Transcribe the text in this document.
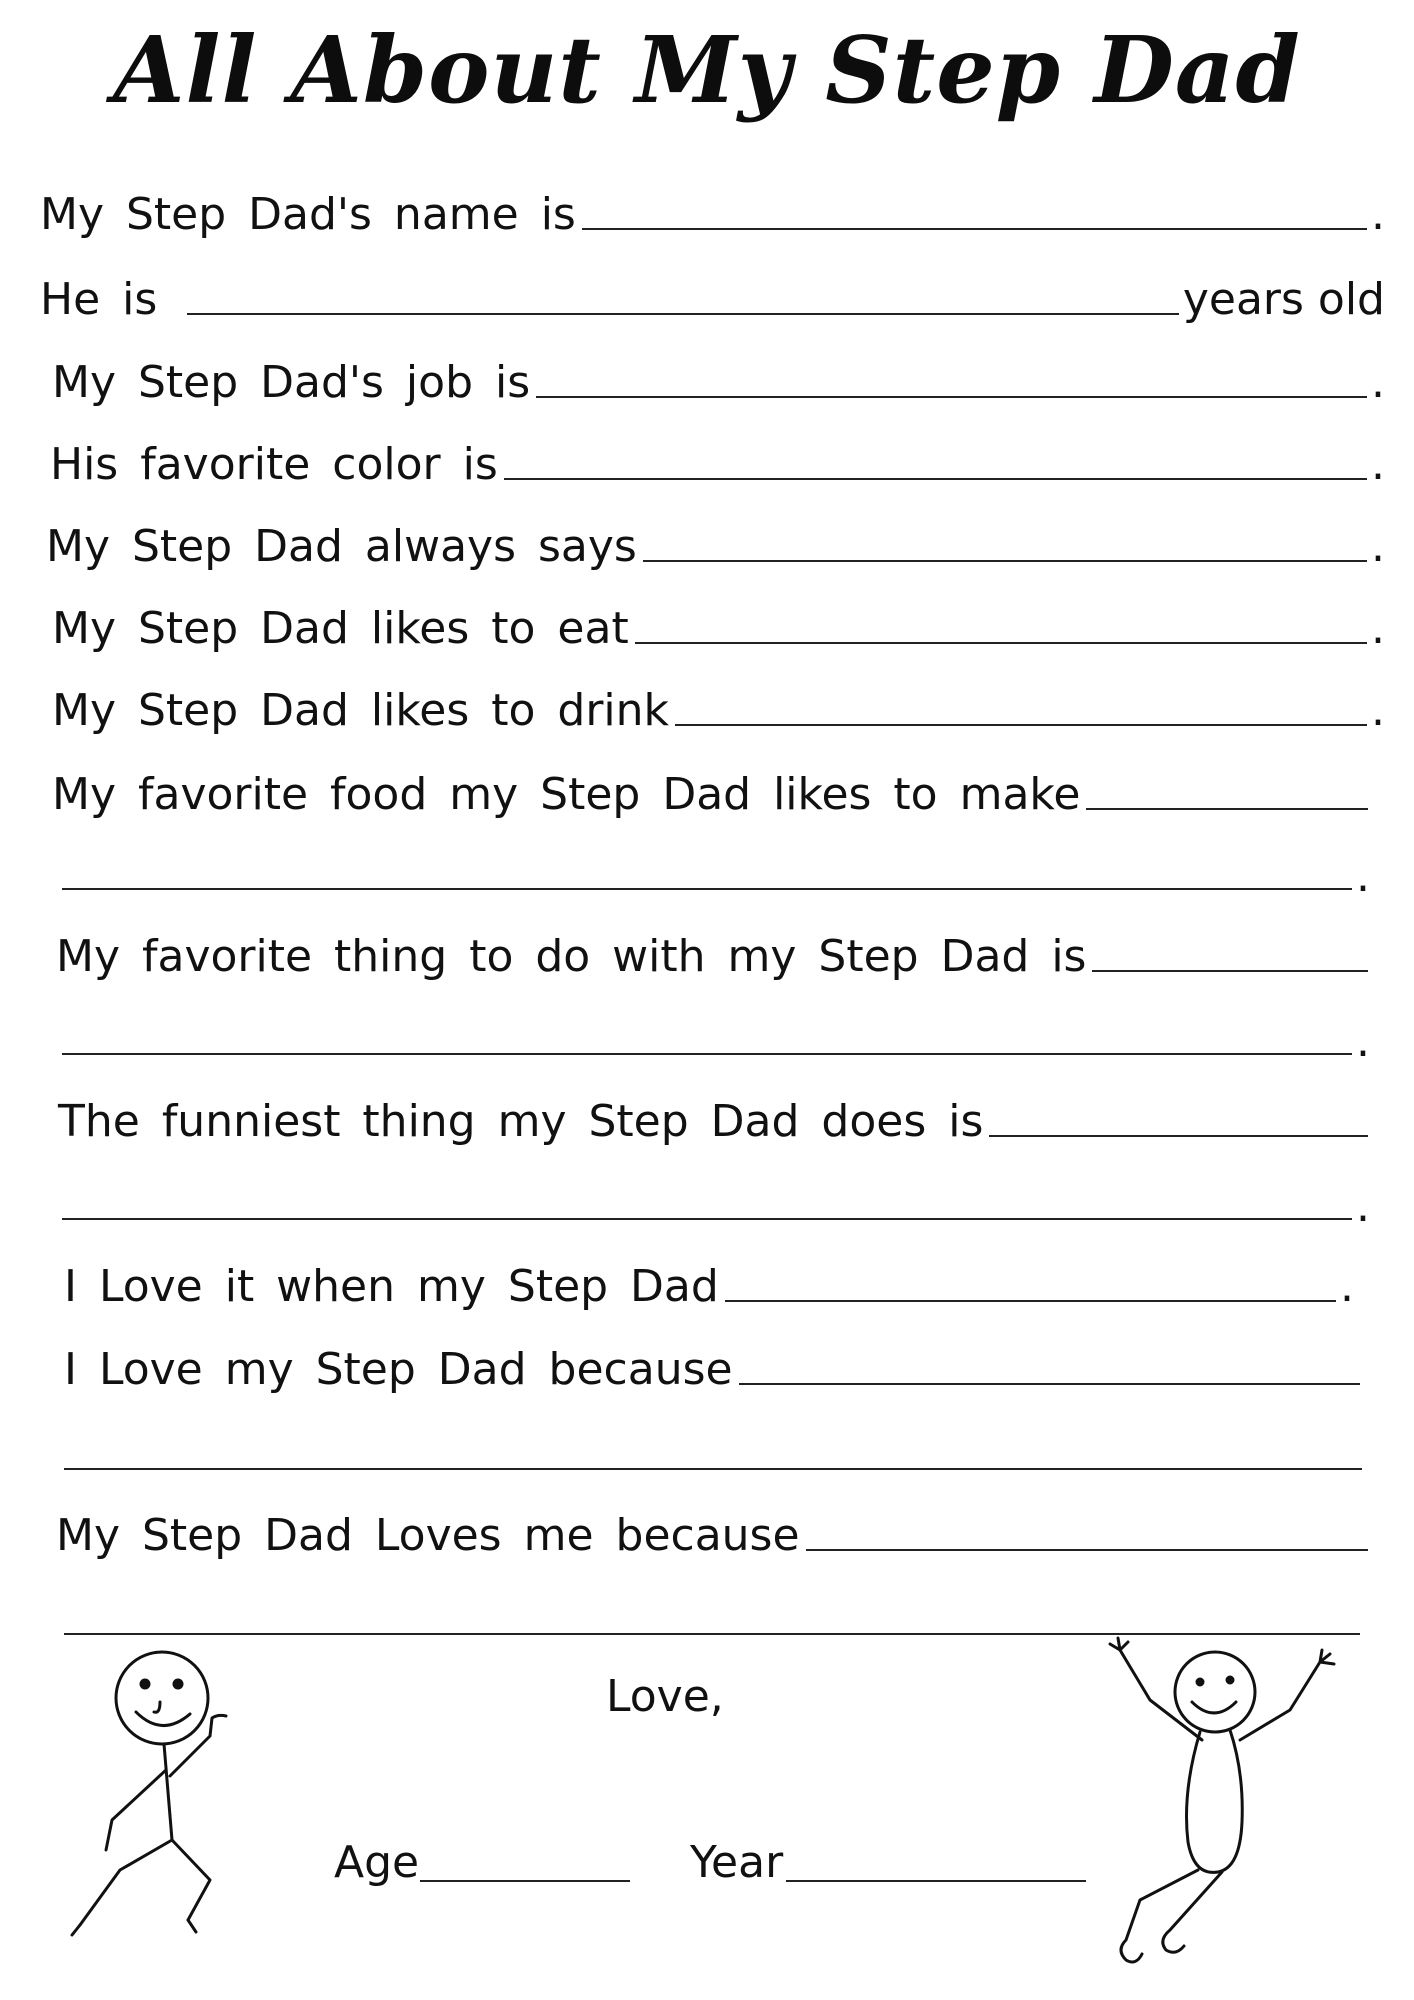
All About My Step Dad
My Step Dad's name is	.
He is	years old
My Step Dad's job is	.
His favorite color is	.
My Step Dad always says	.
My Step Dad likes to eat	.
My Step Dad likes to drink	.
My favorite food my Step Dad likes to make
.
My favorite thing to do with my Step Dad is
.
The funniest thing my Step Dad does is
.
I Love it when my Step Dad	.
I Love my Step Dad because
My Step Dad Loves me because
Love,
Age	Year
